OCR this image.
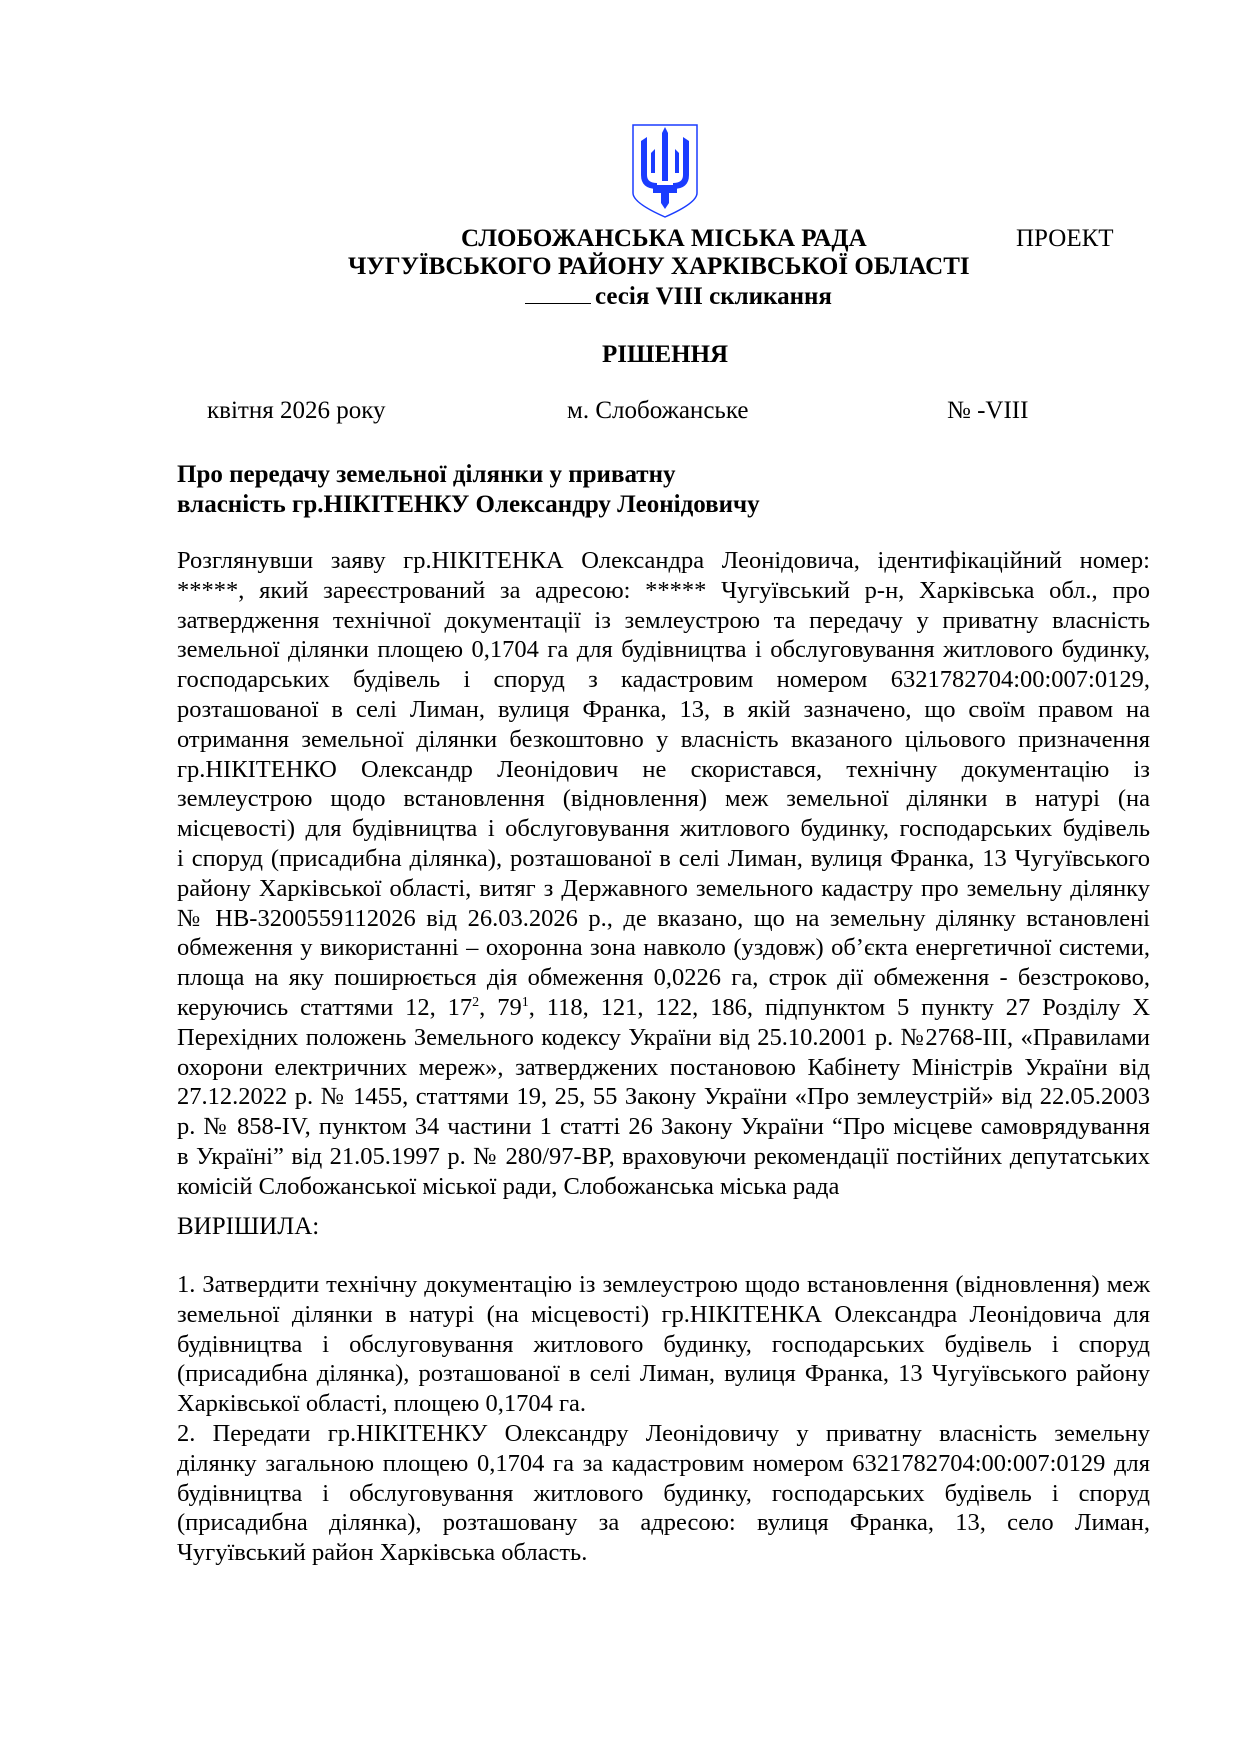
СЛОБОЖАНСЬКА МІСЬКА РАДА	ПРОЕКТ
ЧУГУЇВСЬКОГО РАЙОНУ ХАРКІВСЬКОЇ ОБЛАСТІ
сесія VIII скликання
РІШЕННЯ
квітня 2026 року	м. Слобожанське	№ -VIII
Про передачу земельної ділянки у приватну
власність гр.НІКІТЕНКУ Олександру Леонідовичу
Розглянувши заяву гр.НІКІТЕНКА Олександра Леонідовича, ідентифікаційний номер:
*****, який зареєстрований за адресою: ***** Чугуївський р-н, Харківська обл., про
затвердження технічної документації із землеустрою та передачу у приватну власність
земельної ділянки площею 0,1704 га для будівництва і обслуговування житлового будинку,
господарських будівель і споруд з кадастровим номером 6321782704:00:007:0129,
розташованої в селі Лиман, вулиця Франка, 13, в якій зазначено, що своїм правом на
отримання земельної ділянки безкоштовно у власність вказаного цільового призначення
гр.НІКІТЕНКО Олександр Леонідович не скористався, технічну документацію із
землеустрою щодо встановлення (відновлення) меж земельної ділянки в натурі (на
місцевості) для будівництва і обслуговування житлового будинку, господарських будівель
і споруд (присадибна ділянка), розташованої в селі Лиман, вулиця Франка, 13 Чугуївського
району Харківської області, витяг з Державного земельного кадастру про земельну ділянку
№ НВ-3200559112026 від 26.03.2026 р., де вказано, що на земельну ділянку встановлені
обмеження у використанні – охоронна зона навколо (уздовж) об’єкта енергетичної системи,
площа на яку поширюється дія обмеження 0,0226 га, строк дії обмеження - безстроково,
керуючись статтями 12, $17^2$, $79^1$, 118, 121, 122, 186, підпунктом 5 пункту 27 Розділу Х
Перехідних положень Земельного кодексу України від 25.10.2001 р. №2768-ІІІ, «Правилами
охорони електричних мереж», затверджених постановою Кабінету Міністрів України від
27.12.2022 р. № 1455, статтями 19, 25, 55 Закону України «Про землеустрій» від 22.05.2003
р. № 858-IV, пунктом 34 частини 1 статті 26 Закону України “Про місцеве самоврядування
в Україні” від 21.05.1997 р. № 280/97-ВР, враховуючи рекомендації постійних депутатських
комісій Слобожанської міської ради, Слобожанська міська рада
ВИРІШИЛА:
1. Затвердити технічну документацію із землеустрою щодо встановлення (відновлення) меж
земельної ділянки в натурі (на місцевості) гр.НІКІТЕНКА Олександра Леонідовича для
будівництва і обслуговування житлового будинку, господарських будівель і споруд
(присадибна ділянка), розташованої в селі Лиман, вулиця Франка, 13 Чугуївського району
Харківської області, площею 0,1704 га.
2. Передати гр.НІКІТЕНКУ Олександру Леонідовичу у приватну власність земельну
ділянку загальною площею 0,1704 га за кадастровим номером 6321782704:00:007:0129 для
будівництва і обслуговування житлового будинку, господарських будівель і споруд
(присадибна ділянка), розташовану за адресою: вулиця Франка, 13, село Лиман,
Чугуївський район Харківська область.
